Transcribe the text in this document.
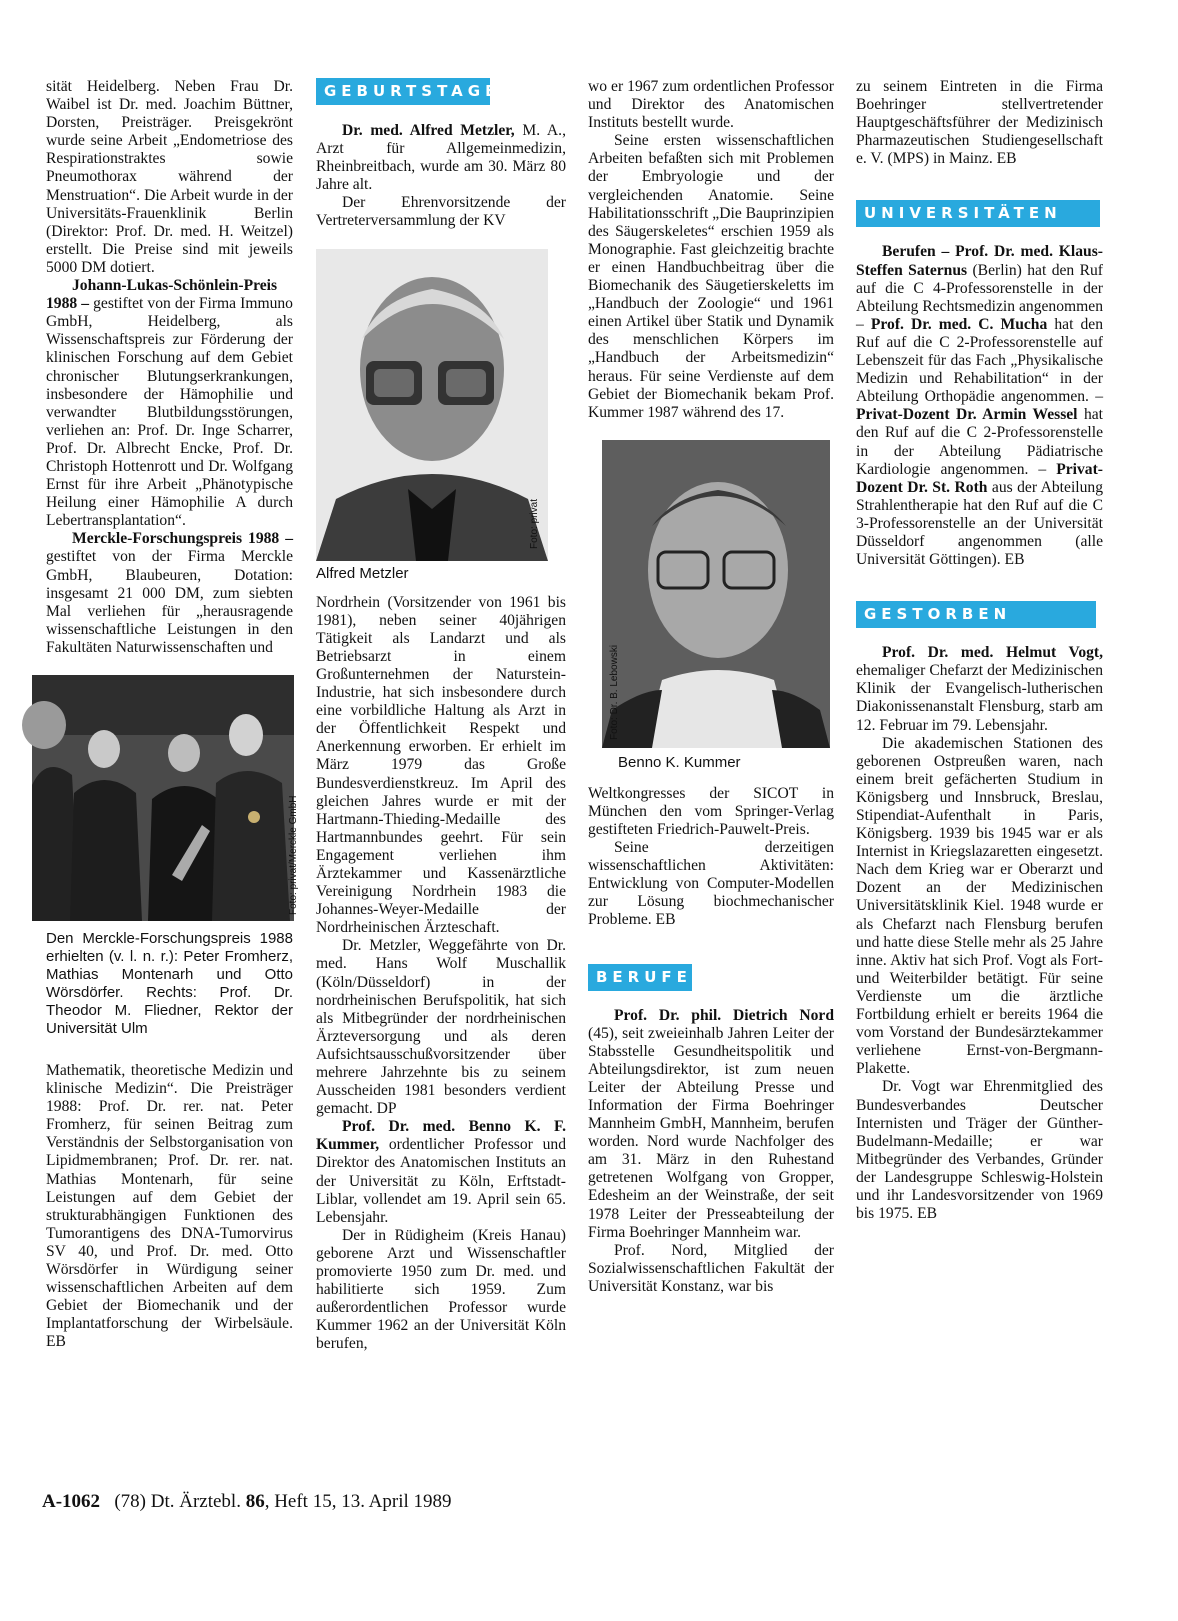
sität Heidelberg. Neben Frau Dr. Waibel ist Dr. med. Joachim Büttner, Dorsten, Preisträger. Preisgekrönt wurde seine Arbeit „Endometriose des Respirationstraktes sowie Pneumothorax während der Menstruation“. Die Arbeit wurde in der Universitäts-Frauenklinik Berlin (Direktor: Prof. Dr. med. H. Weitzel) erstellt. Die Preise sind mit jeweils 5000 DM dotiert.

Johann-Lukas-Schönlein-Preis 1988 – gestiftet von der Firma Immuno GmbH, Heidelberg, als Wissenschaftspreis zur Förderung der klinischen Forschung auf dem Gebiet chronischer Blutungserkrankungen, insbesondere der Hämophilie und verwandter Blutbildungsstörungen, verliehen an: Prof. Dr. Inge Scharrer, Prof. Dr. Albrecht Encke, Prof. Dr. Christoph Hottenrott und Dr. Wolfgang Ernst für ihre Arbeit „Phänotypische Heilung einer Hämophilie A durch Lebertransplantation“.

Merckle-Forschungspreis 1988 – gestiftet von der Firma Merckle GmbH, Blaubeuren, Dotation: insgesamt 21 000 DM, zum siebten Mal verliehen für „herausragende wissenschaftliche Leistungen in den Fakultäten Naturwissenschaften und

Foto: privat/Merckle GmbH

Den Merckle-Forschungspreis 1988 erhielten (v. l. n. r.): Peter Fromherz, Mathias Montenarh und Otto Wörsdörfer. Rechts: Prof. Dr. Theodor M. Fliedner, Rektor der Universität Ulm

Mathematik, theoretische Medizin und klinische Medizin“. Die Preisträger 1988: Prof. Dr. rer. nat. Peter Fromherz, für seinen Beitrag zum Verständnis der Selbstorganisation von Lipidmembranen; Prof. Dr. rer. nat. Mathias Montenarh, für seine Leistungen auf dem Gebiet der strukturabhängigen Funktionen des Tumorantigens des DNA-Tumorvirus SV 40, und Prof. Dr. med. Otto Wörsdörfer in Würdigung seiner wissenschaftlichen Arbeiten auf dem Gebiet der Biomechanik und der Implantatforschung der Wirbelsäule. EB

GEBURTSTAGE

Dr. med. Alfred Metzler, M. A., Arzt für Allgemeinmedizin, Rheinbreitbach, wurde am 30. März 80 Jahre alt.

Der Ehrenvorsitzende der Vertreterversammlung der KV

Foto: privat

Alfred Metzler

Nordrhein (Vorsitzender von 1961 bis 1981), neben seiner 40jährigen Tätigkeit als Landarzt und als Betriebsarzt in einem Großunternehmen der Naturstein-Industrie, hat sich insbesondere durch eine vorbildliche Haltung als Arzt in der Öffentlichkeit Respekt und Anerkennung erworben. Er erhielt im März 1979 das Große Bundesverdienstkreuz. Im April des gleichen Jahres wurde er mit der Hartmann-Thieding-Medaille des Hartmannbundes geehrt. Für sein Engagement verliehen ihm Ärztekammer und Kassenärztliche Vereinigung Nordrhein 1983 die Johannes-Weyer-Medaille der Nordrheinischen Ärzteschaft.

Dr. Metzler, Weggefährte von Dr. med. Hans Wolf Muschallik (Köln/Düsseldorf) in der nordrheinischen Berufspolitik, hat sich als Mitbegründer der nordrheinischen Ärzteversorgung und als deren Aufsichtsausschußvorsitzender über mehrere Jahrzehnte bis zu seinem Ausscheiden 1981 besonders verdient gemacht. DP

Prof. Dr. med. Benno K. F. Kummer, ordentlicher Professor und Direktor des Anatomischen Instituts an der Universität zu Köln, Erftstadt-Liblar, vollendet am 19. April sein 65. Lebensjahr.

Der in Rüdigheim (Kreis Hanau) geborene Arzt und Wissenschaftler promovierte 1950 zum Dr. med. und habilitierte sich 1959. Zum außerordentlichen Professor wurde Kummer 1962 an der Universität Köln berufen,

wo er 1967 zum ordentlichen Professor und Direktor des Anatomischen Instituts bestellt wurde.

Seine ersten wissenschaftlichen Arbeiten befaßten sich mit Problemen der Embryologie und der vergleichenden Anatomie. Seine Habilitationsschrift „Die Bauprinzipien des Säugerskeletes“ erschien 1959 als Monographie. Fast gleichzeitig brachte er einen Handbuchbeitrag über die Biomechanik des Säugetierskeletts im „Handbuch der Zoologie“ und 1961 einen Artikel über Statik und Dynamik des menschlichen Körpers im „Handbuch der Arbeitsmedizin“ heraus. Für seine Verdienste auf dem Gebiet der Biomechanik bekam Prof. Kummer 1987 während des 17.

Foto: Dr. B. Lebowski

Benno K. Kummer

Weltkongresses der SICOT in München den vom Springer-Verlag gestifteten Friedrich-Pauwelt-Preis.

Seine derzeitigen wissenschaftlichen Aktivitäten: Entwicklung von Computer-Modellen zur Lösung biochmechanischer Probleme. EB

BERUFEN

Prof. Dr. phil. Dietrich Nord (45), seit zweieinhalb Jahren Leiter der Stabsstelle Gesundheitspolitik und Abteilungsdirektor, ist zum neuen Leiter der Abteilung Presse und Information der Firma Boehringer Mannheim GmbH, Mannheim, berufen worden. Nord wurde Nachfolger des am 31. März in den Ruhestand getretenen Wolfgang von Gropper, Edesheim an der Weinstraße, der seit 1978 Leiter der Presseabteilung der Firma Boehringer Mannheim war.

Prof. Nord, Mitglied der Sozialwissenschaftlichen Fakultät der Universität Konstanz, war bis

zu seinem Eintreten in die Firma Boehringer stellvertretender Hauptgeschäftsführer der Medizinisch Pharmazeutischen Studiengesellschaft e. V. (MPS) in Mainz. EB

UNIVERSITÄTEN

Berufen – Prof. Dr. med. Klaus-Steffen Saternus (Berlin) hat den Ruf auf die C 4-Professorenstelle in der Abteilung Rechtsmedizin angenommen – Prof. Dr. med. C. Mucha hat den Ruf auf die C 2-Professorenstelle auf Lebenszeit für das Fach „Physikalische Medizin und Rehabilitation“ in der Abteilung Orthopädie angenommen. – Privat-Dozent Dr. Armin Wessel hat den Ruf auf die C 2-Professorenstelle in der Abteilung Pädiatrische Kardiologie angenommen. – Privat-Dozent Dr. St. Roth aus der Abteilung Strahlentherapie hat den Ruf auf die C 3-Professorenstelle an der Universität Düsseldorf angenommen (alle Universität Göttingen). EB

GESTORBEN

Prof. Dr. med. Helmut Vogt, ehemaliger Chefarzt der Medizinischen Klinik der Evangelisch-lutherischen Diakonissenanstalt Flensburg, starb am 12. Februar im 79. Lebensjahr.

Die akademischen Stationen des geborenen Ostpreußen waren, nach einem breit gefächerten Studium in Königsberg und Innsbruck, Breslau, Stipendiat-Aufenthalt in Paris, Königsberg. 1939 bis 1945 war er als Internist in Kriegslazaretten eingesetzt. Nach dem Krieg war er Oberarzt und Dozent an der Medizinischen Universitätsklinik Kiel. 1948 wurde er als Chefarzt nach Flensburg berufen und hatte diese Stelle mehr als 25 Jahre inne. Aktiv hat sich Prof. Vogt als Fort- und Weiterbilder betätigt. Für seine Verdienste um die ärztliche Fortbildung erhielt er bereits 1964 die vom Vorstand der Bundesärztekammer verliehene Ernst-von-Bergmann-Plakette.

Dr. Vogt war Ehrenmitglied des Bundesverbandes Deutscher Internisten und Träger der Günther-Budelmann-Medaille; er war Mitbegründer des Verbandes, Gründer der Landesgruppe Schleswig-Holstein und ihr Landesvorsitzender von 1969 bis 1975. EB

A-1062 (78) Dt. Ärztebl. 86, Heft 15, 13. April 1989
